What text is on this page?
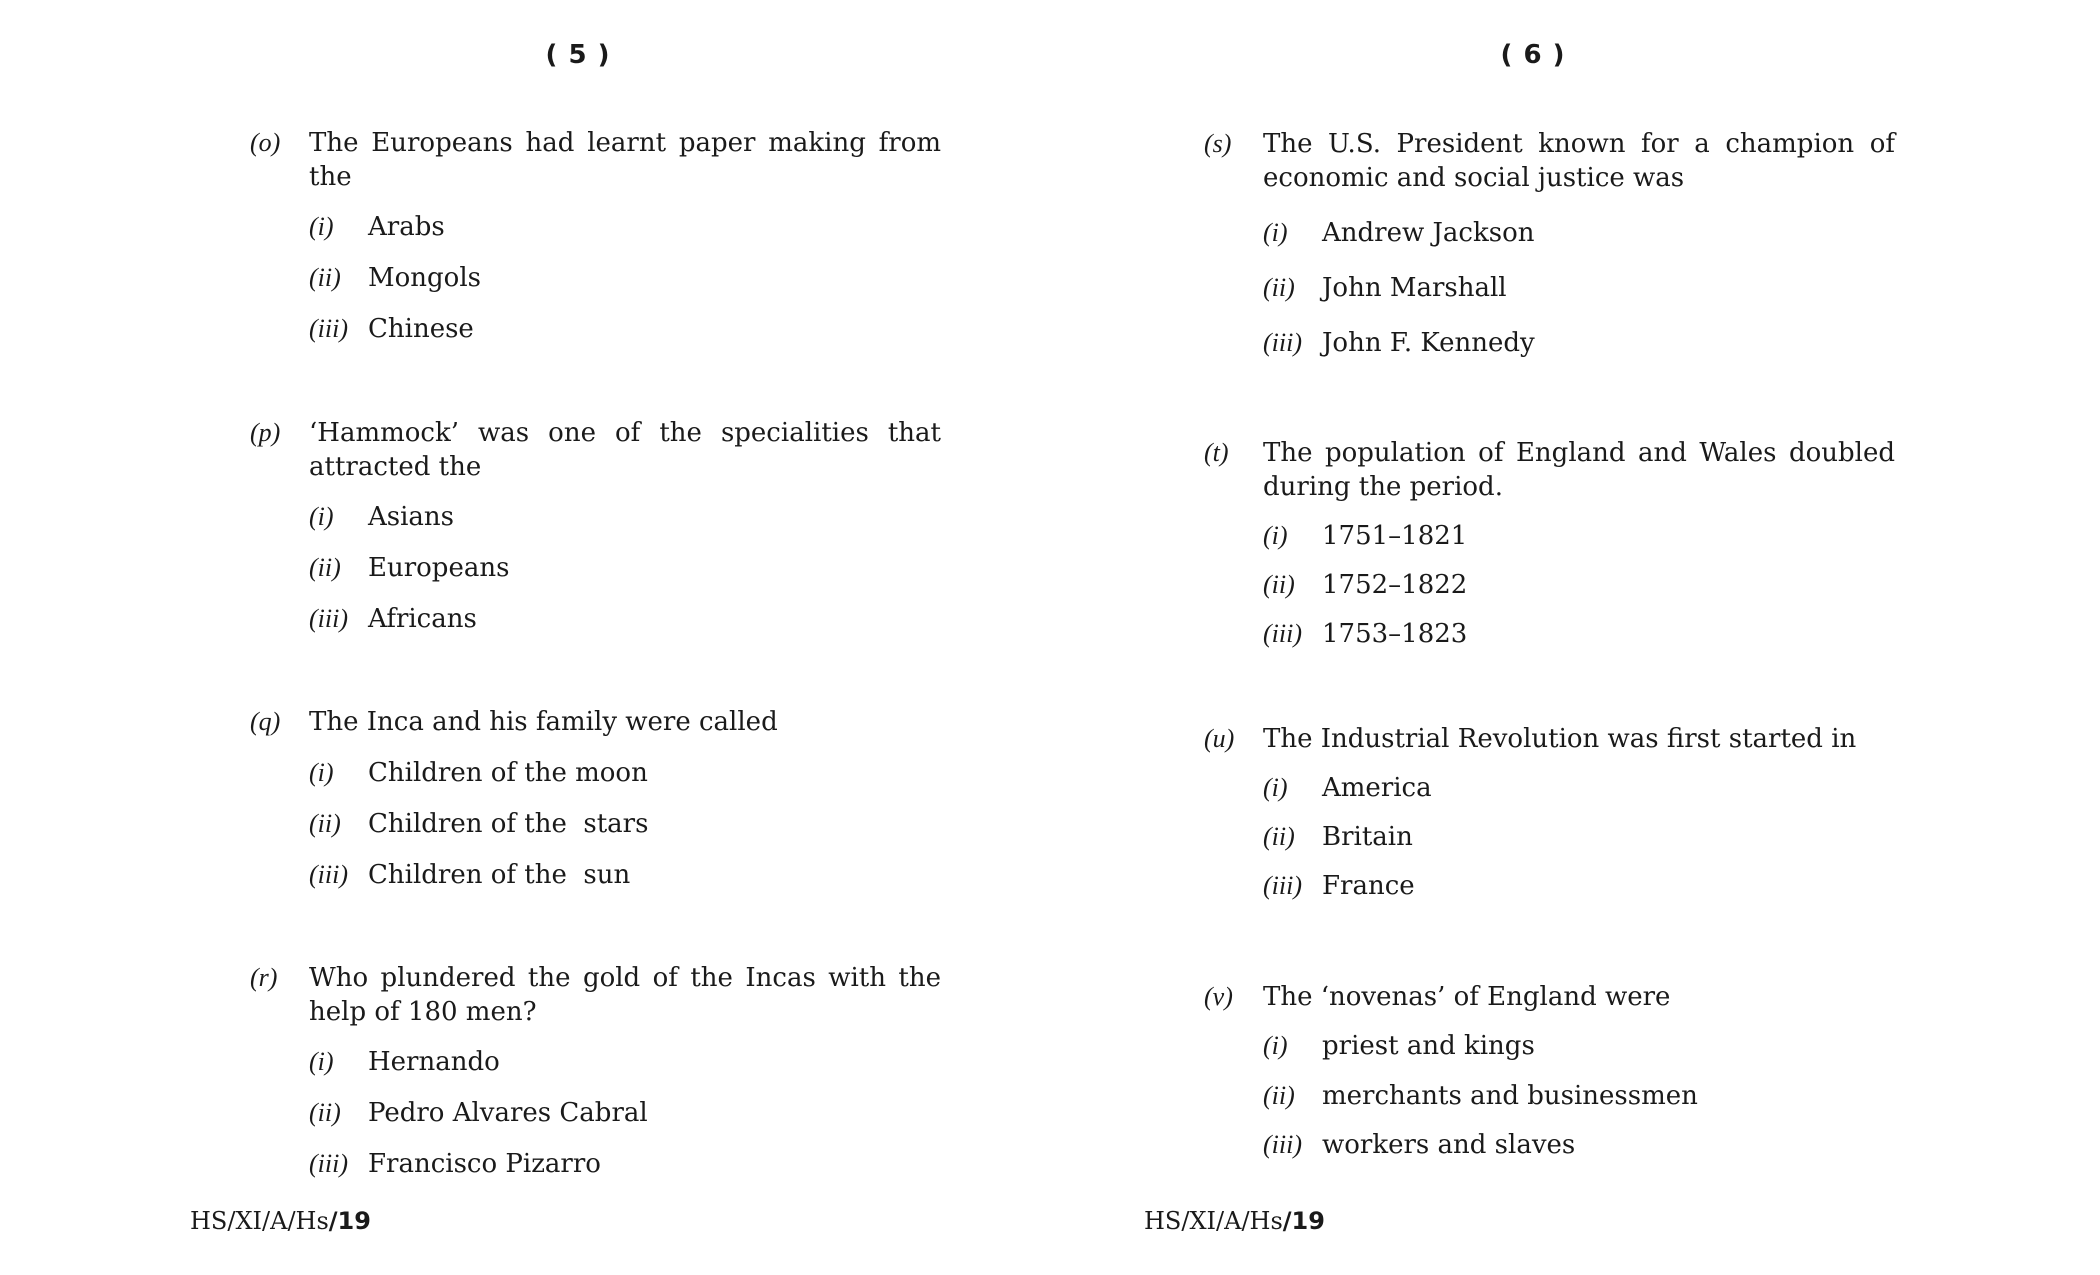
( 5 )	( 6 )
(o) The Europeans had learnt paper making from the
(i) Arabs
(ii) Mongols
(iii) Chinese
(p) ‘Hammock’ was one of the specialities that attracted the
(i) Asians
(ii) Europeans
(iii) Africans
(q) The Inca and his family were called
(i) Children of the moon
(ii) Children of the  stars
(iii) Children of the  sun
(r) Who plundered the gold of the Incas with the help of 180 men?
(i) Hernando
(ii) Pedro Alvares Cabral
(iii) Francisco Pizarro
(s) The U.S. President known for a champion of economic and social justice was
(i) Andrew Jackson
(ii) John Marshall
(iii) John F. Kennedy
(t) The population of England and Wales doubled during the period.
(i) 1751–1821
(ii) 1752–1822
(iii) 1753–1823
(u) The Industrial Revolution was first started in
(i) America
(ii) Britain
(iii) France
(v) The ‘novenas’ of England were
(i) priest and kings
(ii) merchants and businessmen
(iii) workers and slaves
HS/XI/A/Hs/19	HS/XI/A/Hs/19
